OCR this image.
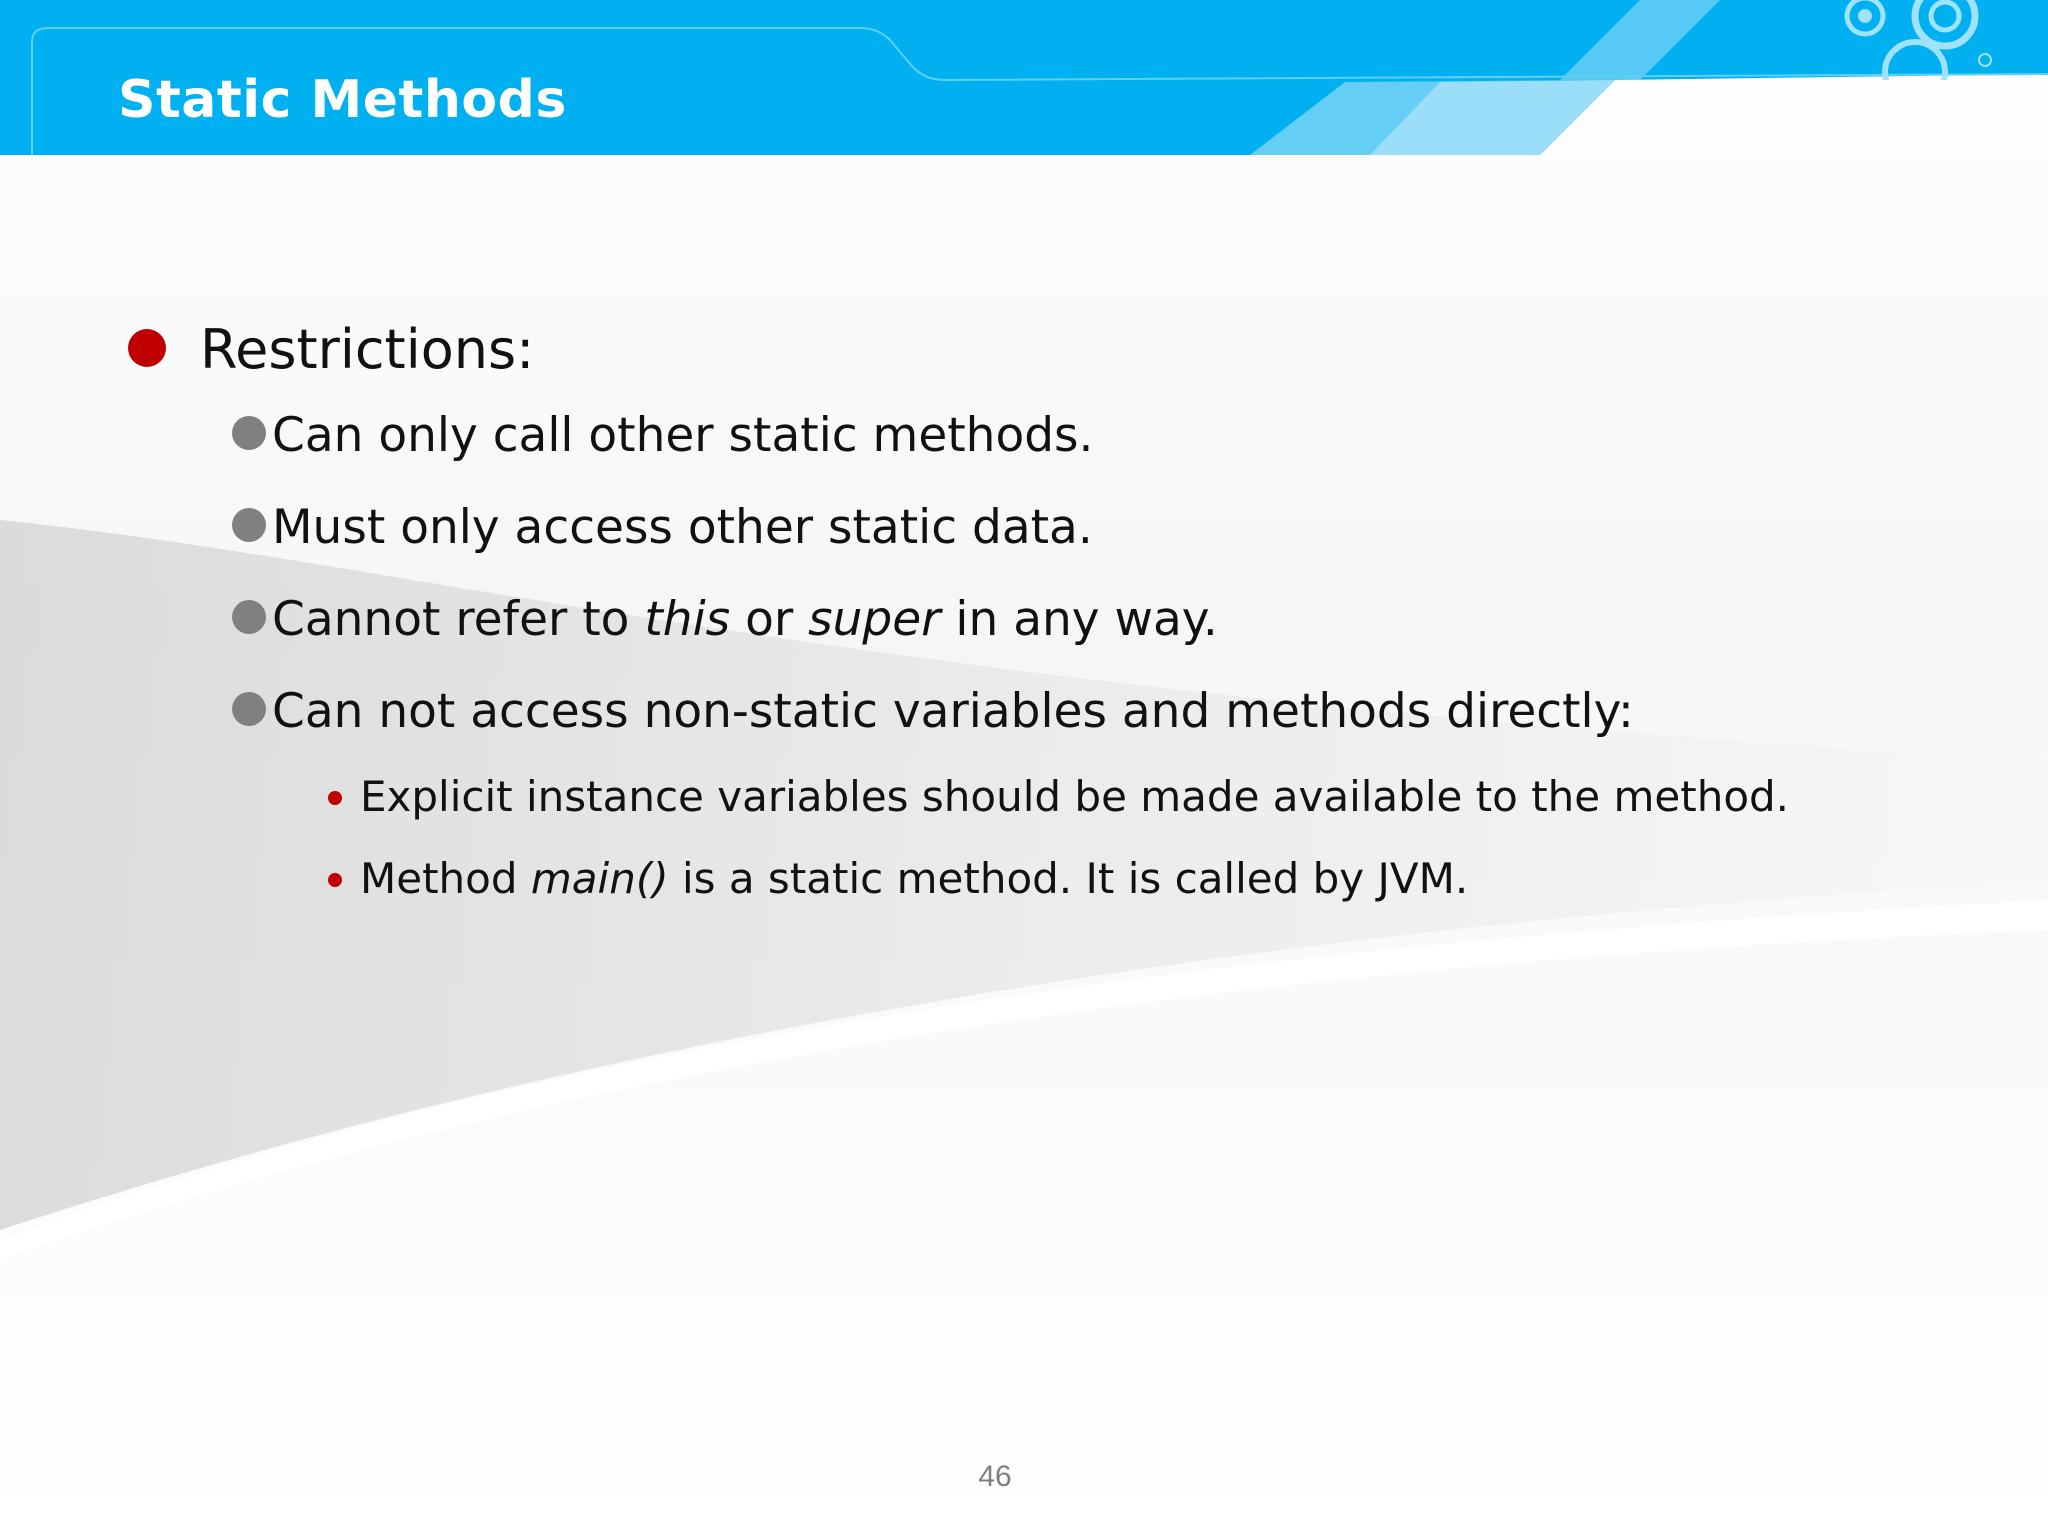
Static Methods
Restrictions:
Can only call other static methods.
Must only access other static data.
Cannot refer to this or super in any way.
Can not access non-static variables and methods directly:
Explicit instance variables should be made available to the method.
Method main() is a static method. It is called by JVM.
46
